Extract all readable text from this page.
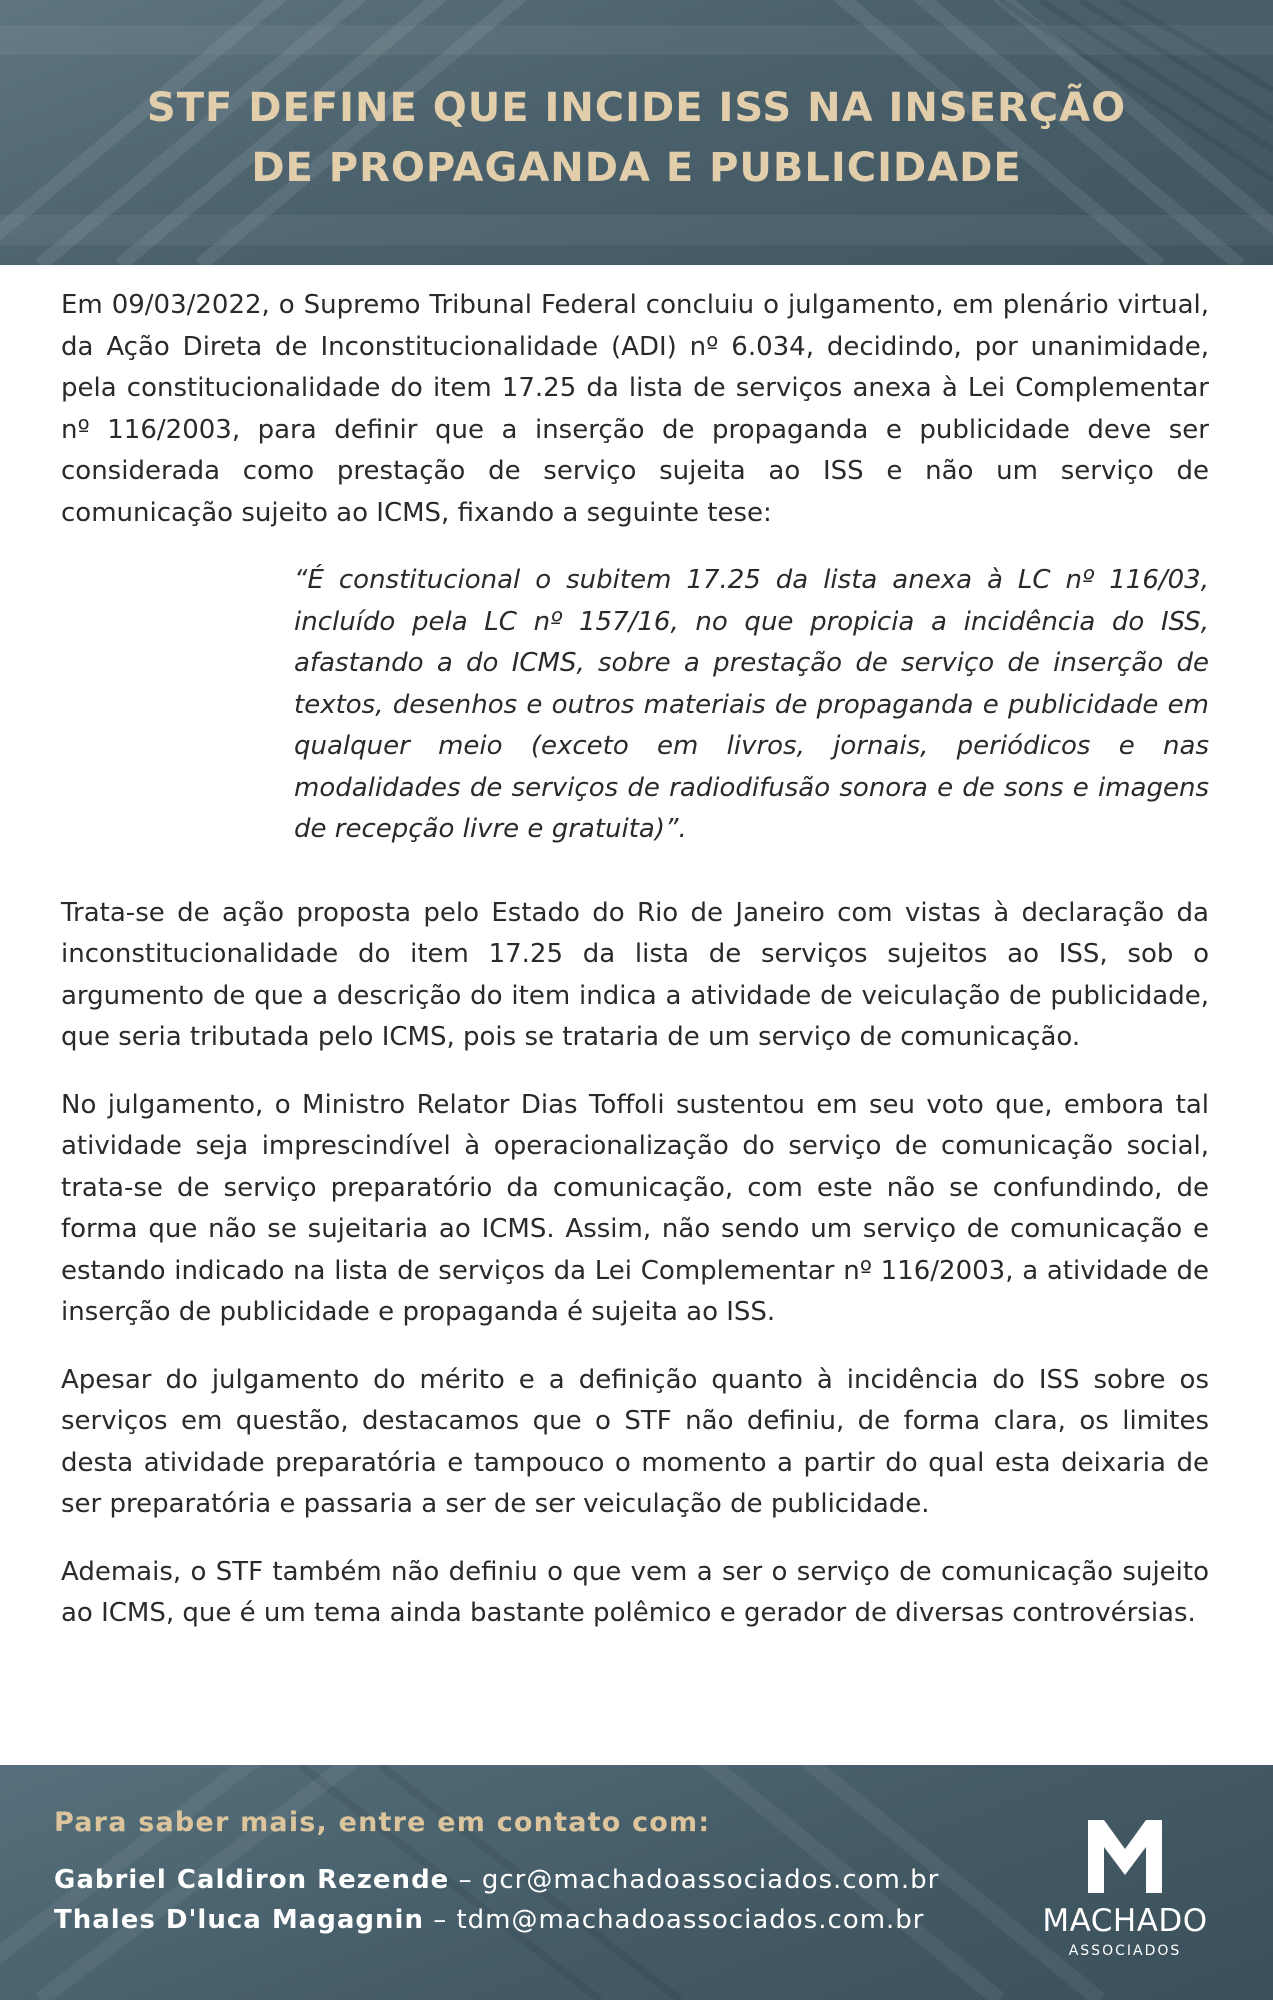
STF DEFINE QUE INCIDE ISS NA INSERÇÃO
DE PROPAGANDA E PUBLICIDADE

Em 09/03/2022, o Supremo Tribunal Federal concluiu o julgamento, em plenário virtual, da Ação Direta de Inconstitucionalidade (ADI) nº 6.034, decidindo, por unanimidade, pela constitucionalidade do item 17.25 da lista de serviços anexa à Lei Complementar nº 116/2003, para definir que a inserção de propaganda e publicidade deve ser considerada como prestação de serviço sujeita ao ISS e não um serviço de comunicação sujeito ao ICMS, fixando a seguinte tese:

“É constitucional o subitem 17.25 da lista anexa à LC nº 116/03, incluído pela LC nº 157/16, no que propicia a incidência do ISS, afastando a do ICMS, sobre a prestação de serviço de inserção de textos, desenhos e outros materiais de propaganda e publicidade em qualquer meio (exceto em livros, jornais, periódicos e nas modalidades de serviços de radiodifusão sonora e de sons e imagens de recepção livre e gratuita)”.

Trata-se de ação proposta pelo Estado do Rio de Janeiro com vistas à declaração da inconstitucionalidade do item 17.25 da lista de serviços sujeitos ao ISS, sob o argumento de que a descrição do item indica a atividade de veiculação de publicidade, que seria tributada pelo ICMS, pois se trataria de um serviço de comunicação.

No julgamento, o Ministro Relator Dias Toffoli sustentou em seu voto que, embora tal atividade seja imprescindível à operacionalização do serviço de comunicação social, trata-se de serviço preparatório da comunicação, com este não se confundindo, de forma que não se sujeitaria ao ICMS. Assim, não sendo um serviço de comunicação e estando indicado na lista de serviços da Lei Complementar nº 116/2003, a atividade de inserção de publicidade e propaganda é sujeita ao ISS.

Apesar do julgamento do mérito e a definição quanto à incidência do ISS sobre os serviços em questão, destacamos que o STF não definiu, de forma clara, os limites desta atividade preparatória e tampouco o momento a partir do qual esta deixaria de ser preparatória e passaria a ser de ser veiculação de publicidade.

Ademais, o STF também não definiu o que vem a ser o serviço de comunicação sujeito ao ICMS, que é um tema ainda bastante polêmico e gerador de diversas controvérsias.

Para saber mais, entre em contato com:
Gabriel Caldiron Rezende – gcr@machadoassociados.com.br
Thales D'luca Magagnin – tdm@machadoassociados.com.br	MACHADO
ASSOCIADOS
